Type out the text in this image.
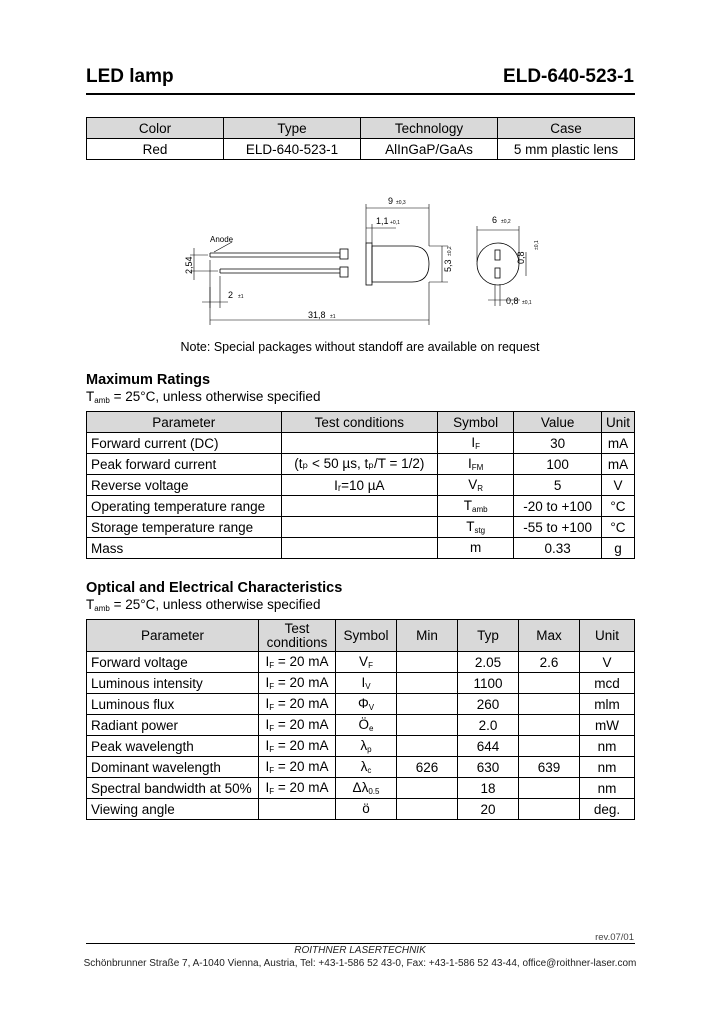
LED lamp	ELD-640-523-1
Color	Type	Technology	Case
Red	ELD-640-523-1	AlInGaP/GaAs	5 mm plastic lens
Anode
31,8 ±1
9 ±0,3
1,1 +0,1
2,54
2 ±1
5,3
±0,2
6 ±0,2
0,8
±0,1
0,8 ±0,1
Note: Special packages without standoff are available on request
Maximum Ratings
$T_{amb} = 25^\circ C$, unless otherwise specified
Parameter	Test conditions	Symbol	Value	Unit
Forward current (DC)		$I_F$	30	mA
Peak forward current	(tₚ < 50 µs, tₚ/T = 1/2)	$I_{FM}$	100	mA
Reverse voltage	Iᵣ=10 µA	$V_R$	5	V
Operating temperature range		$T_{amb}$	-20 to +100	°C
Storage temperature range		$T_{stg}$	-55 to +100	°C
Mass		m	0.33	g
Optical and Electrical Characteristics
$T_{amb} = 25^\circ C$, unless otherwise specified
Parameter	Test conditions	Symbol	Min	Typ	Max	Unit
Forward voltage	$I_F = 20$ mA	$V_F$		2.05	2.6	V
Luminous intensity	$I_F = 20$ mA	$I_V$		1100		mcd
Luminous flux	$I_F = 20$ mA	$\Phi_V$		260		mlm
Radiant power	$I_F = 20$ mA	$Ö_e$		2.0		mW
Peak wavelength	$I_F = 20$ mA	$\lambda_p$		644		nm
Dominant wavelength	$I_F = 20$ mA	$\lambda_c$	626	630	639	nm
Spectral bandwidth at 50%	$I_F = 20$ mA	$\Delta\lambda_{0.5}$		18		nm
Viewing angle		ö		20		deg.
rev.07/01
ROITHNER LASERTECHNIK
Schönbrunner Straße 7, A-1040 Vienna, Austria, Tel: +43-1-586 52 43-0, Fax: +43-1-586 52 43-44, office@roithner-laser.com
